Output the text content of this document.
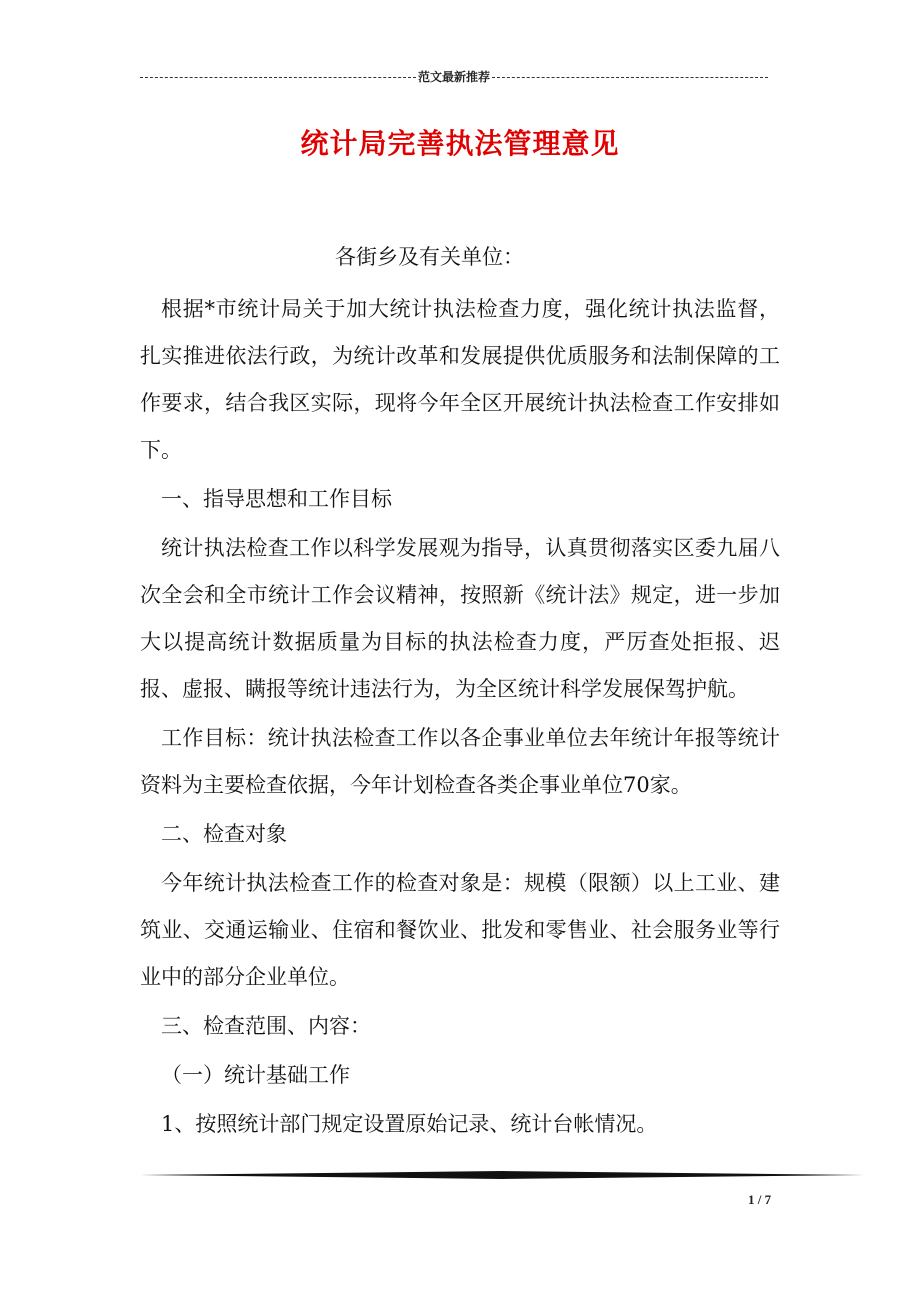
范文最新推荐
统计局完善执法管理意见

各街乡及有关单位：

根据*市统计局关于加大统计执法检查力度，强化统计执法监督，扎实推进依法行政，为统计改革和发展提供优质服务和法制保障的工作要求，结合我区实际，现将今年全区开展统计执法检查工作安排如下。

一、指导思想和工作目标

统计执法检查工作以科学发展观为指导，认真贯彻落实区委九届八次全会和全市统计工作会议精神，按照新《统计法》规定，进一步加大以提高统计数据质量为目标的执法检查力度，严厉查处拒报、迟报、虚报、瞒报等统计违法行为，为全区统计科学发展保驾护航。

工作目标：统计执法检查工作以各企事业单位去年统计年报等统计资料为主要检查依据，今年计划检查各类企事业单位70家。

二、检查对象

今年统计执法检查工作的检查对象是：规模（限额）以上工业、建筑业、交通运输业、住宿和餐饮业、批发和零售业、社会服务业等行业中的部分企业单位。

三、检查范围、内容：

（一）统计基础工作

1、按照统计部门规定设置原始记录、统计台帐情况。

1 / 7
